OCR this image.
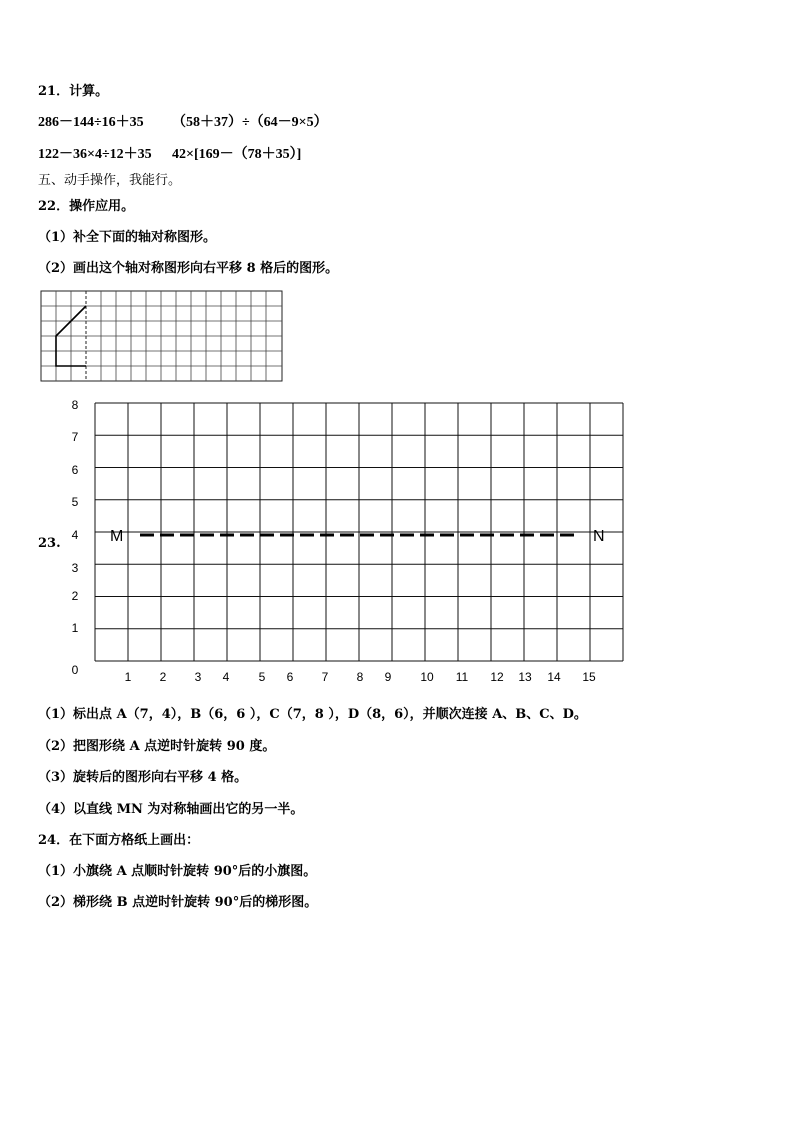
21．计算。
286－144÷16＋35 （58＋37）÷（64－9×5）
122－36×4÷12＋35 42×[169－（78＋35）]
五、动手操作，我能行。
22．操作应用。
（1）补全下面的轴对称图形。
（2）画出这个轴对称图形向右平移 8 格后的图形。
23.
8
7
6
5
4
3
2
1
0	1 2 3 4 5 6 7 8 9 10 11 12 13 14 15
M	N
（1）标出点 A（7，4），B（6，6 ），C（7，8 ），D（8，6），并顺次连接 A、B、C、D。
（2）把图形绕 A 点逆时针旋转 90 度。
（3）旋转后的图形向右平移 4 格。
（4）以直线 MN 为对称轴画出它的另一半。
24．在下面方格纸上画出：
（1）小旗绕 A 点顺时针旋转 90°后的小旗图。
（2）梯形绕 B 点逆时针旋转 90°后的梯形图。
